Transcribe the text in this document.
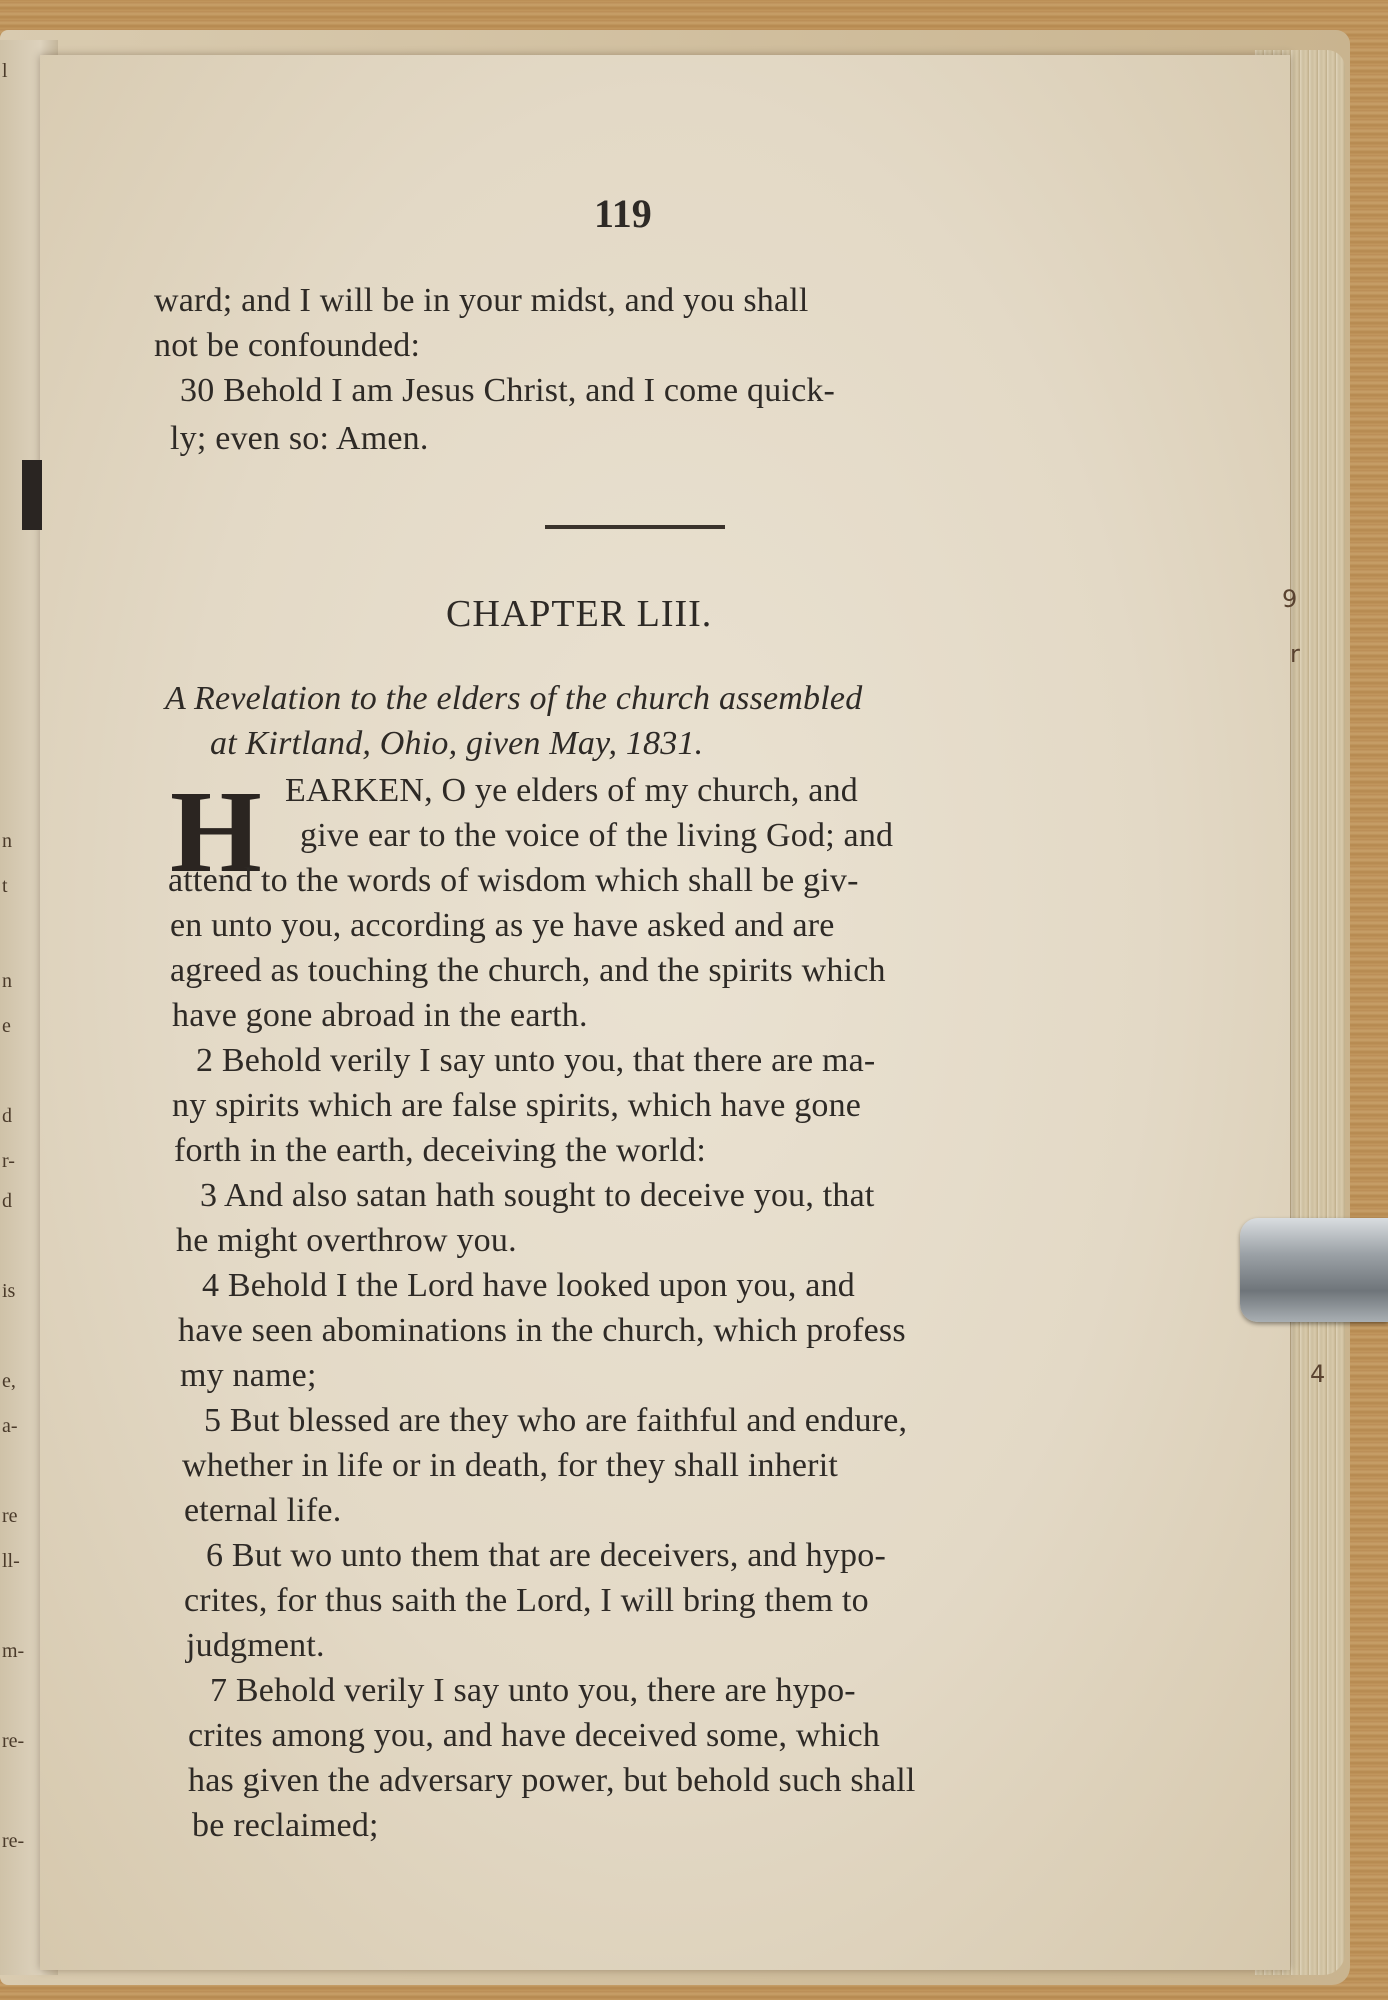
l
n
t
n
e
d
r-
d
is
e,
a-
re
ll-
m-
re-
re-
119
ward; and I will be in your midst, and you shall
not be confounded:
30 Behold I am Jesus Christ, and I come quick-
ly; even so: Amen.
CHAPTER LIII.
A Revelation to the elders of the church assembled
at Kirtland, Ohio, given May, 1831.
H EARKEN, O ye elders of my church, and
give ear to the voice of the living God; and
attend to the words of wisdom which shall be giv-
en unto you, according as ye have asked and are
agreed as touching the church, and the spirits which
have gone abroad in the earth.
2 Behold verily I say unto you, that there are ma-
ny spirits which are false spirits, which have gone
forth in the earth, deceiving the world:
3 And also satan hath sought to deceive you, that
he might overthrow you.
4 Behold I the Lord have looked upon you, and
have seen abominations in the church, which profess
my name;
5 But blessed are they who are faithful and endure,
whether in life or in death, for they shall inherit
eternal life.
6 But wo unto them that are deceivers, and hypo-
crites, for thus saith the Lord, I will bring them to
judgment.
7 Behold verily I say unto you, there are hypo-
crites among you, and have deceived some, which
has given the adversary power, but behold such shall
be reclaimed;
9
r
4
